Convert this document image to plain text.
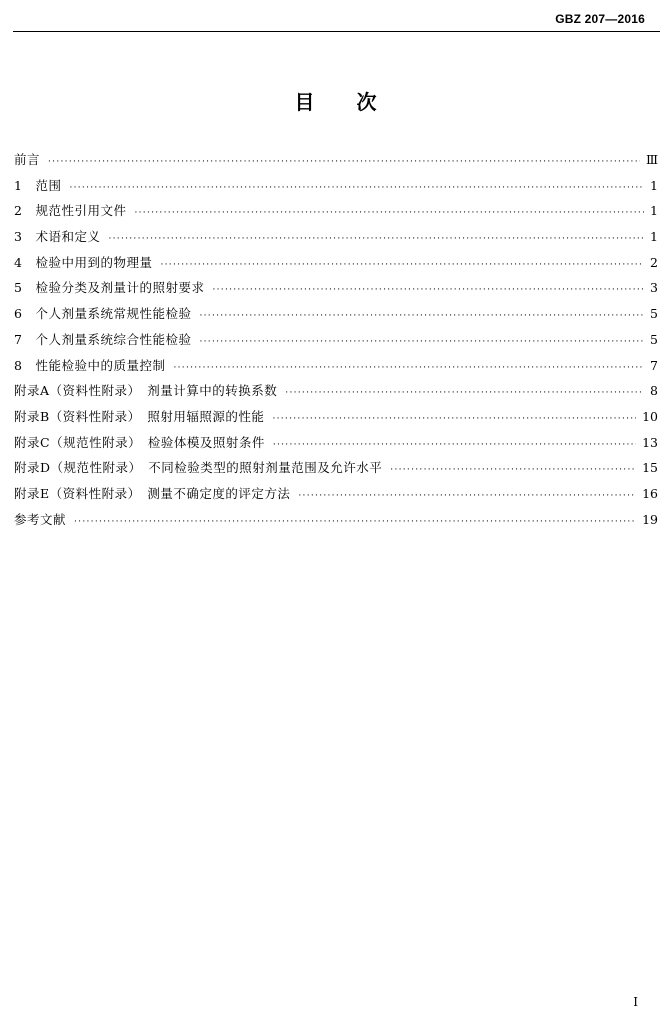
GBZ 207—2016
目次
前言 ·····	Ⅲ
1　范围 ·····	1
2　规范性引用文件 ·····	1
3　术语和定义 ·····	1
4　检验中用到的物理量 ·····	2
5　检验分类及剂量计的照射要求 ·····	3
6　个人剂量系统常规性能检验 ·····	5
7　个人剂量系统综合性能检验 ·····	5
8　性能检验中的质量控制 ·····	7
附录A（资料性附录）　剂量计算中的转换系数 ·····	8
附录B（资料性附录）　照射用辐照源的性能 ·····	10
附录C（规范性附录）　检验体模及照射条件 ·····	13
附录D（规范性附录）　不同检验类型的照射剂量范围及允许水平 ·····	15
附录E（资料性附录）　测量不确定度的评定方法 ·····	16
参考文献 ·····	19
Ⅰ
